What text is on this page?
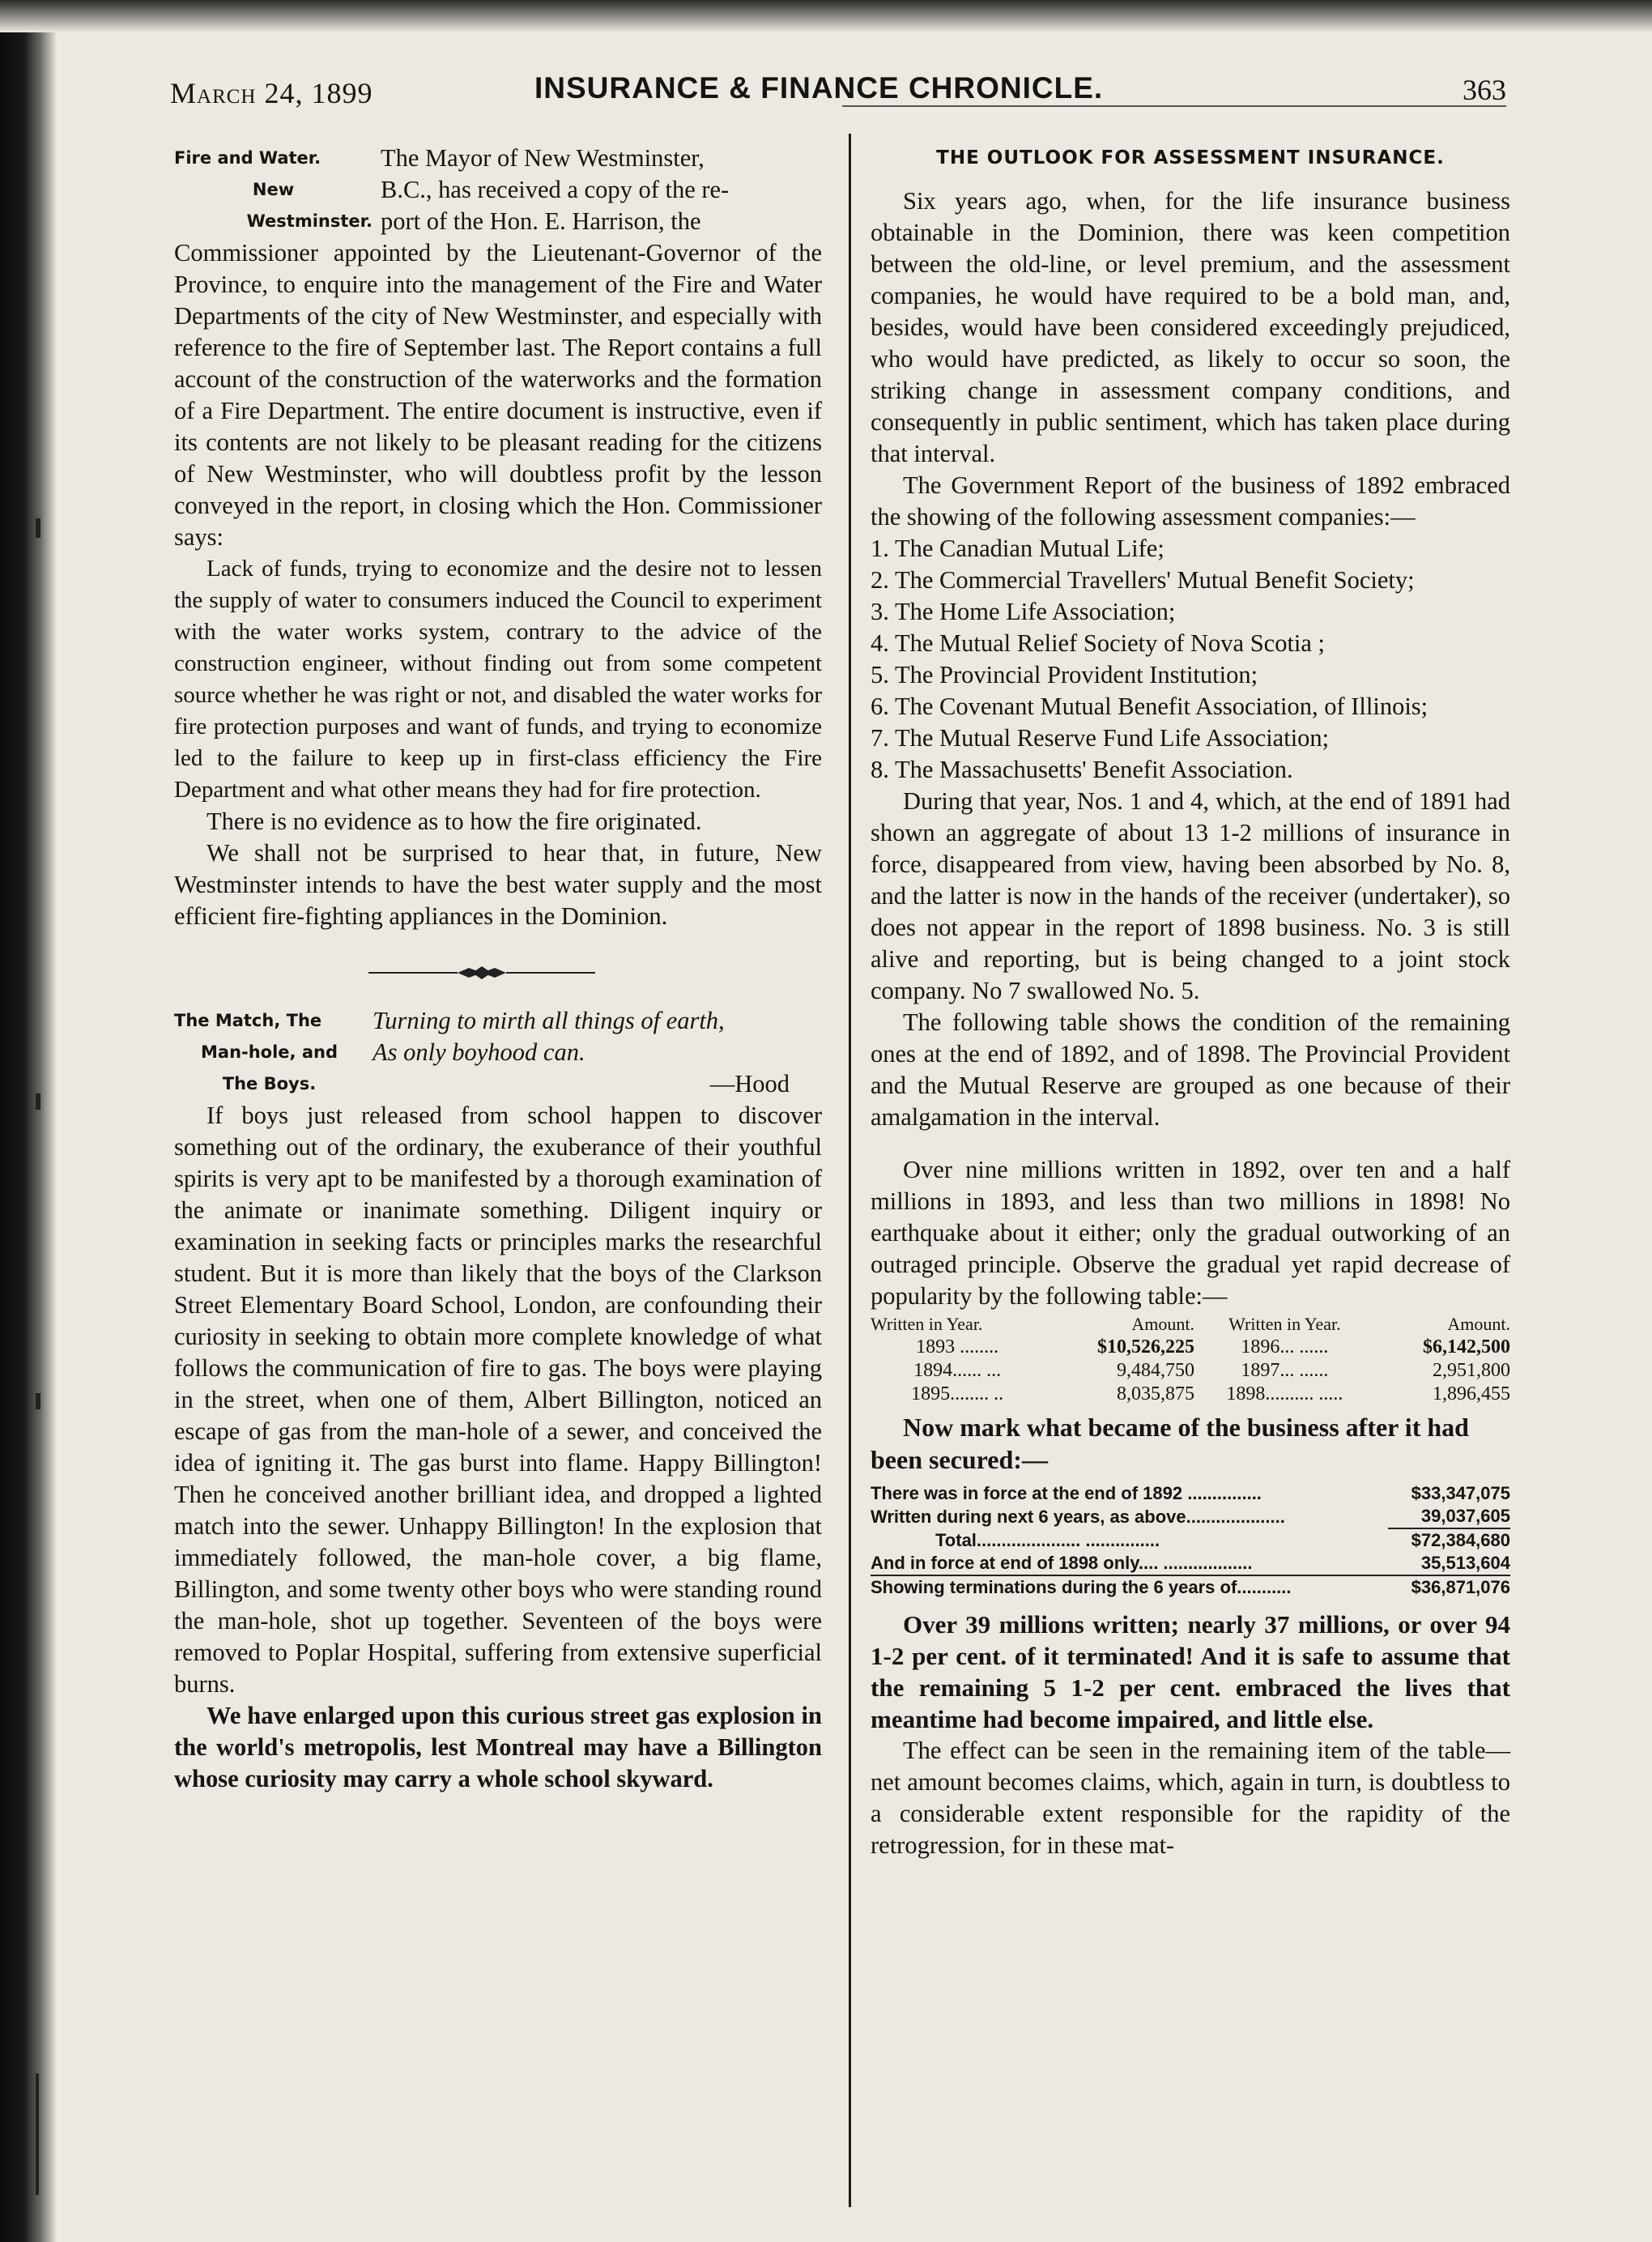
March 24, 1899	INSURANCE & FINANCE CHRONICLE.	363
Fire and Water.
New
Westminster.
The Mayor of New Westminster,
B.C., has received a copy of the re-
port of the Hon. E. Harrison, the

Commissioner appointed by the Lieutenant-Governor of the Province, to enquire into the management of the Fire and Water Departments of the city of New Westminster, and especially with reference to the fire of September last. The Report contains a full account of the construction of the waterworks and the formation of a Fire Department. The entire document is instructive, even if its contents are not likely to be pleasant reading for the citizens of New Westminster, who will doubtless profit by the lesson conveyed in the report, in closing which the Hon. Commissioner says:

Lack of funds, trying to economize and the desire not to lessen the supply of water to consumers induced the Council to experiment with the water works system, contrary to the advice of the construction engineer, without finding out from some competent source whether he was right or not, and disabled the water works for fire protection purposes and want of funds, and trying to economize led to the failure to keep up in first-class efficiency the Fire Department and what other means they had for fire protection.

There is no evidence as to how the fire originated.

We shall not be surprised to hear that, in future, New Westminster intends to have the best water supply and the most efficient fire-fighting appliances in the Dominion.

The Match, The
Man-hole, and
The Boys.
Turning to mirth all things of earth,
As only boyhood can.
—Hood

If boys just released from school happen to discover something out of the ordinary, the exuberance of their youthful spirits is very apt to be manifested by a thorough examination of the animate or inanimate something. Diligent inquiry or examination in seeking facts or principles marks the researchful student. But it is more than likely that the boys of the Clarkson Street Elementary Board School, London, are confounding their curiosity in seeking to obtain more complete knowledge of what follows the communication of fire to gas. The boys were playing in the street, when one of them, Albert Billington, noticed an escape of gas from the man-hole of a sewer, and conceived the idea of igniting it. The gas burst into flame. Happy Billington! Then he conceived another brilliant idea, and dropped a lighted match into the sewer. Unhappy Billington! In the explosion that immediately followed, the man-hole cover, a big flame, Billington, and some twenty other boys who were standing round the man-hole, shot up together. Seventeen of the boys were removed to Poplar Hospital, suffering from extensive superficial burns.

We have enlarged upon this curious street gas explosion in the world's metropolis, lest Montreal may have a Billington whose curiosity may carry a whole school skyward.

THE OUTLOOK FOR ASSESSMENT INSURANCE.

Six years ago, when, for the life insurance business obtainable in the Dominion, there was keen competition between the old-line, or level premium, and the assessment companies, he would have required to be a bold man, and, besides, would have been considered exceedingly prejudiced, who would have predicted, as likely to occur so soon, the striking change in assessment company conditions, and consequently in public sentiment, which has taken place during that interval.

The Government Report of the business of 1892 embraced the showing of the following assessment companies:—

1. The Canadian Mutual Life;
2. The Commercial Travellers' Mutual Benefit Society;
3. The Home Life Association;
4. The Mutual Relief Society of Nova Scotia ;
5. The Provincial Provident Institution;
6. The Covenant Mutual Benefit Association, of Illinois;
7. The Mutual Reserve Fund Life Association;
8. The Massachusetts' Benefit Association.

During that year, Nos. 1 and 4, which, at the end of 1891 had shown an aggregate of about 13 1-2 millions of insurance in force, disappeared from view, having been absorbed by No. 8, and the latter is now in the hands of the receiver (undertaker), so does not appear in the report of 1898 business. No. 3 is still alive and reporting, but is being changed to a joint stock company. No 7 swallowed No. 5.

The following table shows the condition of the remaining ones at the end of 1892, and of 1898. The Provincial Provident and the Mutual Reserve are grouped as one because of their amalgamation in the interval.

Over nine millions written in 1892, over ten and a half millions in 1893, and less than two millions in 1898! No earthquake about it either; only the gradual outworking of an outraged principle. Observe the gradual yet rapid decrease of popularity by the following table:—

Written in Year.	Amount.	Written in Year.	Amount.
1893 ........	$10,526,225	1896... ......	$6,142,500
1894...... ...	9,484,750	1897... ......	2,951,800
1895........ ..	8,035,875	1898.......... .....	1,896,455
Now mark what became of the business after it had been secured:—
There was in force at the end of 1892 ...............	$33,347,075
Written during next 6 years, as above....................	39,037,605
Total..................... ...............	$72,384,680
And in force at end of 1898 only.... ..................	35,513,604
Showing terminations during the 6 years of...........	$36,871,076

Over 39 millions written; nearly 37 millions, or over 94 1-2 per cent. of it terminated! And it is safe to assume that the remaining 5 1-2 per cent. embraced the lives that meantime had become impaired, and little else.

The effect can be seen in the remaining item of the table—net amount becomes claims, which, again in turn, is doubtless to a considerable extent responsible for the rapidity of the retrogression, for in these mat-
